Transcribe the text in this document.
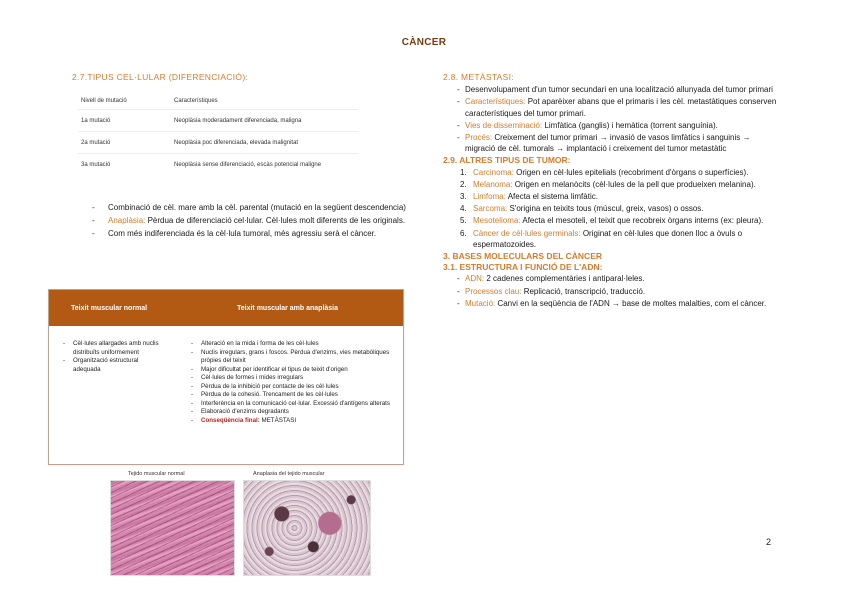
CÀNCER
2.7.TIPUS CEL·LULAR (DIFERENCIACIÓ):
Nivell de mutació	Característiques
1a mutació	Neoplàsia moderadament diferenciada, maligna
2a mutació	Neoplàsia poc diferenciada, elevada malignitat
3a mutació	Neoplàsia sense diferenciació, escàs potencial maligne
-	Combinació de cèl. mare amb la cèl. parental (mutació en la següent descendencia)
-	Anaplàsia: Pèrdua de diferenciació cel·lular. Cèl·lules molt diferents de les originals.
-	Com més indiferenciada és la cèl·lula tumoral, més agressiu serà el càncer.
Teixit muscular normal	Teixit muscular amb anaplàsia
-	Cèl·lules allargades amb nuclis distribuïts uniformement
-	Organització estructural adequada
-	Alteració en la mida i forma de les cèl·lules
-	Nuclis irregulars, grans i foscos. Pèrdua d'enzims, vies metabòliques pròpies del teixit
-	Major dificultat per identificar el tipus de teixit d'origen
-	Cèl·lules de formes i mides irregulars
-	Pèrdua de la inhibició per contacte de les cèl·lules
-	Pèrdua de la cohesió. Trencament de les cèl·lules
-	Interferència en la comunicació cel·lular. Excessió d'antígens alterats
-	Elaboració d'enzims degradants
-	Conseqüència final: METÀSTASI
Tejido muscular normal	Anaplasia del tejido muscular
2.8. METÀSTASI:
- Desenvolupament d'un tumor secundari en una localització allunyada del tumor primari
- Característiques: Pot aparèixer abans que el primaris i les cèl. metastàtiques conserven característiques del tumor primari.
- Vies de disseminació: Limfàtica (ganglis) i hemàtica (torrent sanguínia).
- Procés: Creixement del tumor primari → invasió de vasos limfàtics i sanguinis → migració de cèl. tumorals → implantació i creixement del tumor metastàtic
2.9. ALTRES TIPUS DE TUMOR:
1. Carcinoma: Origen en cèl·lules epitelials (recobriment d'òrgans o superfícies).
2. Melanoma: Origen en melanòcits (cèl·lules de la pell que produeixen melanina).
3. Limfoma: Afecta el sistema limfàtic.
4. Sarcoma: S'origina en teixits tous (múscul, greix, vasos) o ossos.
5. Mesotelioma: Afecta el mesoteli, el teixit que recobreix òrgans interns (ex: pleura).
6. Càncer de cèl·lules germinals: Originat en cèl·lules que donen lloc a òvuls o espermatozoides.
3. BASES MOLECULARS DEL CÀNCER
3.1. ESTRUCTURA I FUNCIÓ DE L'ADN:
- ADN: 2 cadenes complementàries i antiparal·leles.
- Processos clau: Replicació, transcripció, traducció.
- Mutació: Canvi en la seqüència de l'ADN → base de moltes malalties, com el càncer.
2
